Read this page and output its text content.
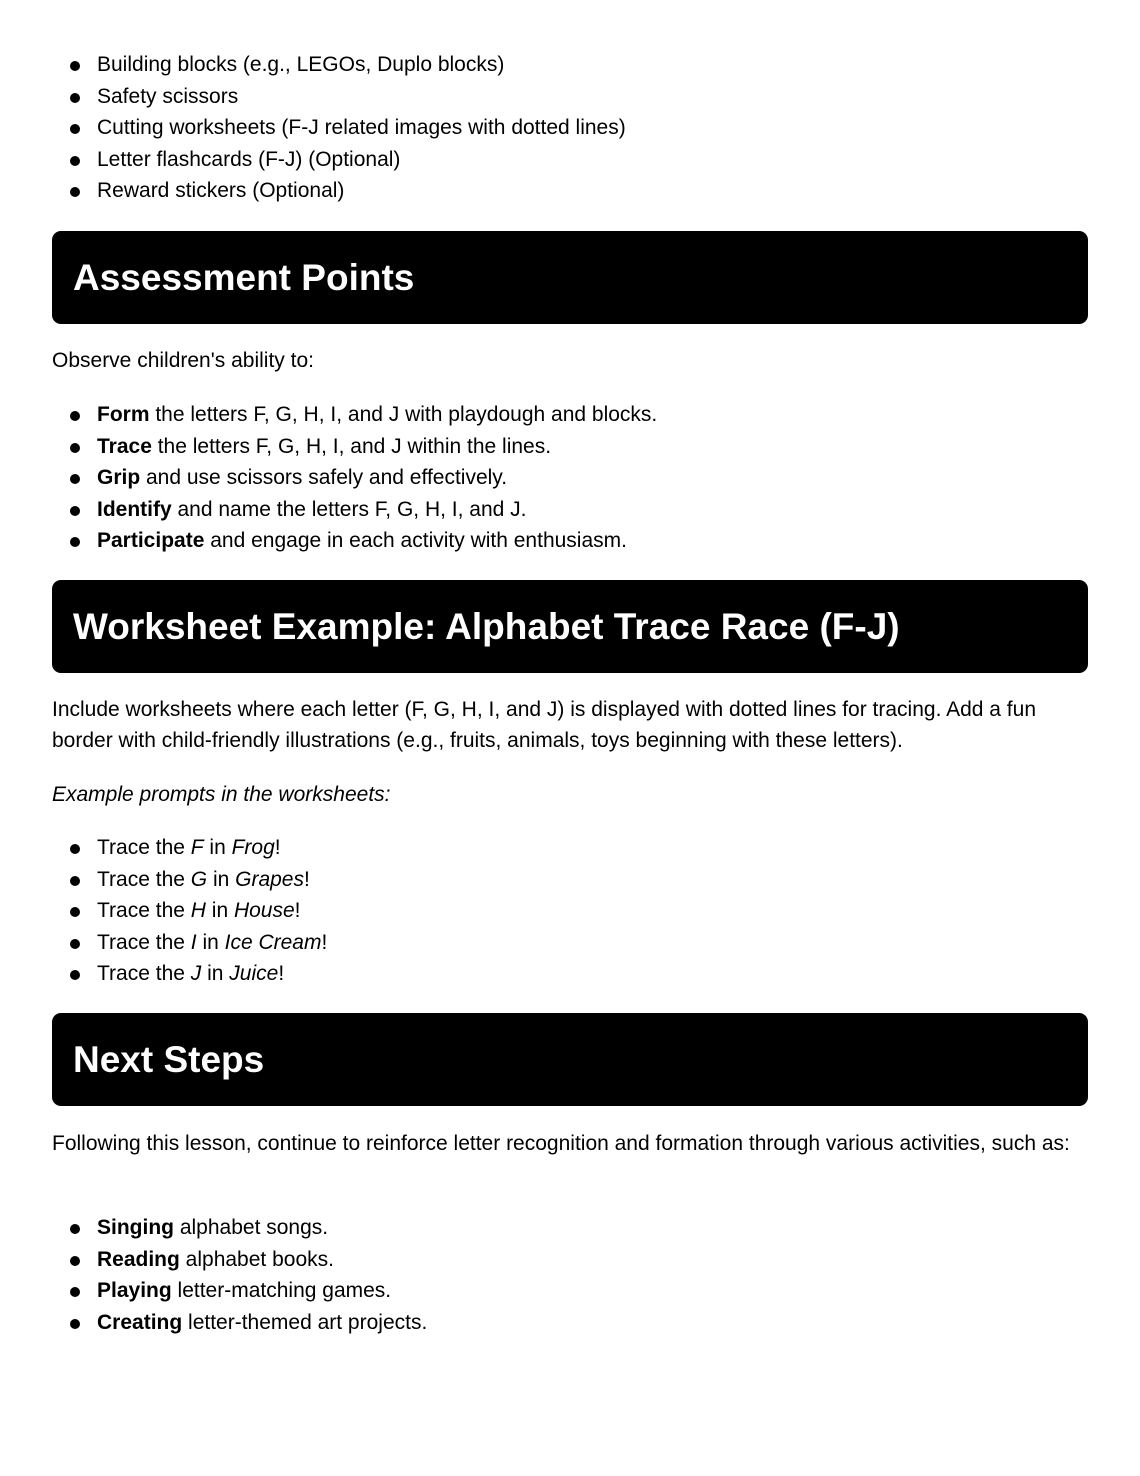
Building blocks (e.g., LEGOs, Duplo blocks)
Safety scissors
Cutting worksheets (F-J related images with dotted lines)
Letter flashcards (F-J) (Optional)
Reward stickers (Optional)
Assessment Points

Observe children's ability to:

Form the letters F, G, H, I, and J with playdough and blocks.
Trace the letters F, G, H, I, and J within the lines.
Grip and use scissors safely and effectively.
Identify and name the letters F, G, H, I, and J.
Participate and engage in each activity with enthusiasm.
Worksheet Example: Alphabet Trace Race (F-J)

Include worksheets where each letter (F, G, H, I, and J) is displayed with dotted lines for tracing. Add a fun border with child-friendly illustrations (e.g., fruits, animals, toys beginning with these letters).

Example prompts in the worksheets:

Trace the F in Frog!
Trace the G in Grapes!
Trace the H in House!
Trace the I in Ice Cream!
Trace the J in Juice!
Next Steps

Following this lesson, continue to reinforce letter recognition and formation through various activities, such as:

Singing alphabet songs.
Reading alphabet books.
Playing letter-matching games.
Creating letter-themed art projects.
